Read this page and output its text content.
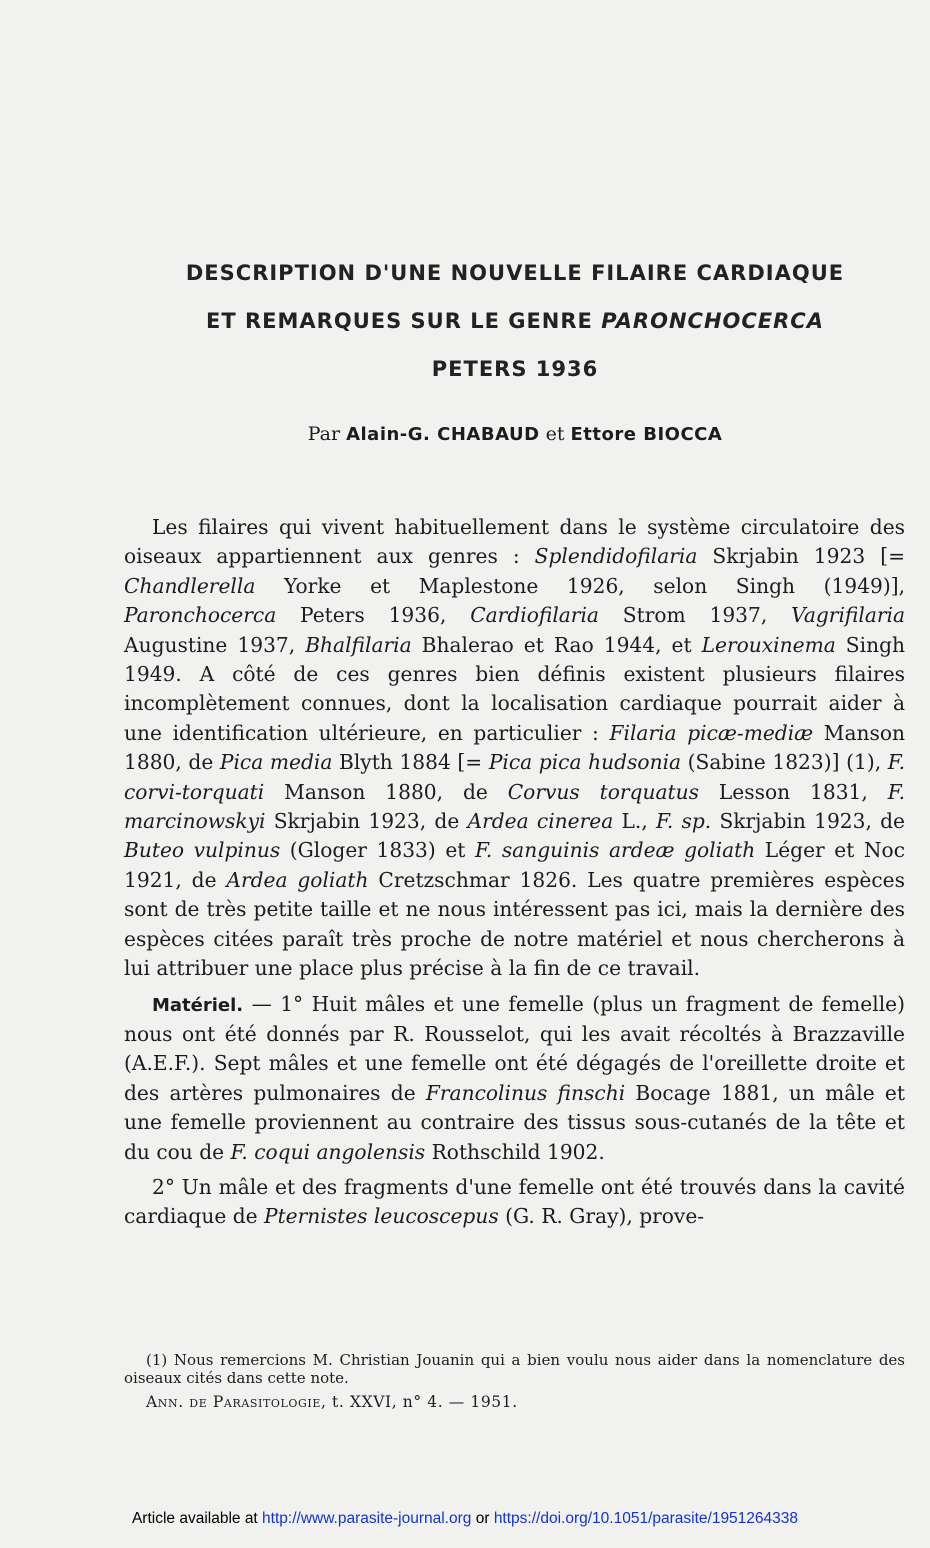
DESCRIPTION D'UNE NOUVELLE FILAIRE CARDIAQUE

ET REMARQUES SUR LE GENRE PARONCHOCERCA

PETERS 1936

Par Alain-G. CHABAUD et Ettore BIOCCA

Les filaires qui vivent habituellement dans le système circulatoire des oiseaux appartiennent aux genres : Splendidofilaria Skrjabin 1923 [= Chandlerella Yorke et Maplestone 1926, selon Singh (1949)], Paronchocerca Peters 1936, Cardiofilaria Strom 1937, Vagrifilaria Augustine 1937, Bhalfilaria Bhalerao et Rao 1944, et Lerouxinema Singh 1949. A côté de ces genres bien définis existent plusieurs filaires incomplètement connues, dont la localisation cardiaque pourrait aider à une identification ultérieure, en particulier : Filaria picæ-mediæ Manson 1880, de Pica media Blyth 1884 [= Pica pica hudsonia (Sabine 1823)] (1), F. corvi-torquati Manson 1880, de Corvus torquatus Lesson 1831, F. marcinowskyi Skrjabin 1923, de Ardea cinerea L., F. sp. Skrjabin 1923, de Buteo vulpinus (Gloger 1833) et F. sanguinis ardeæ goliath Léger et Noc 1921, de Ardea goliath Cretzschmar 1826. Les quatre premières espèces sont de très petite taille et ne nous intéressent pas ici, mais la dernière des espèces citées paraît très proche de notre matériel et nous chercherons à lui attribuer une place plus précise à la fin de ce travail.

Matériel. — 1° Huit mâles et une femelle (plus un fragment de femelle) nous ont été donnés par R. Rousselot, qui les avait récoltés à Brazzaville (A.E.F.). Sept mâles et une femelle ont été dégagés de l'oreillette droite et des artères pulmonaires de Francolinus finschi Bocage 1881, un mâle et une femelle proviennent au contraire des tissus sous-cutanés de la tête et du cou de F. coqui angolensis Rothschild 1902.

2° Un mâle et des fragments d'une femelle ont été trouvés dans la cavité cardiaque de Pternistes leucoscepus (G. R. Gray), prove-

(1) Nous remercions M. Christian Jouanin qui a bien voulu nous aider dans la nomenclature des oiseaux cités dans cette note.

Ann. de Parasitologie, t. XXVI, n° 4. — 1951.
Article available at http://www.parasite-journal.org or https://doi.org/10.1051/parasite/1951264338
